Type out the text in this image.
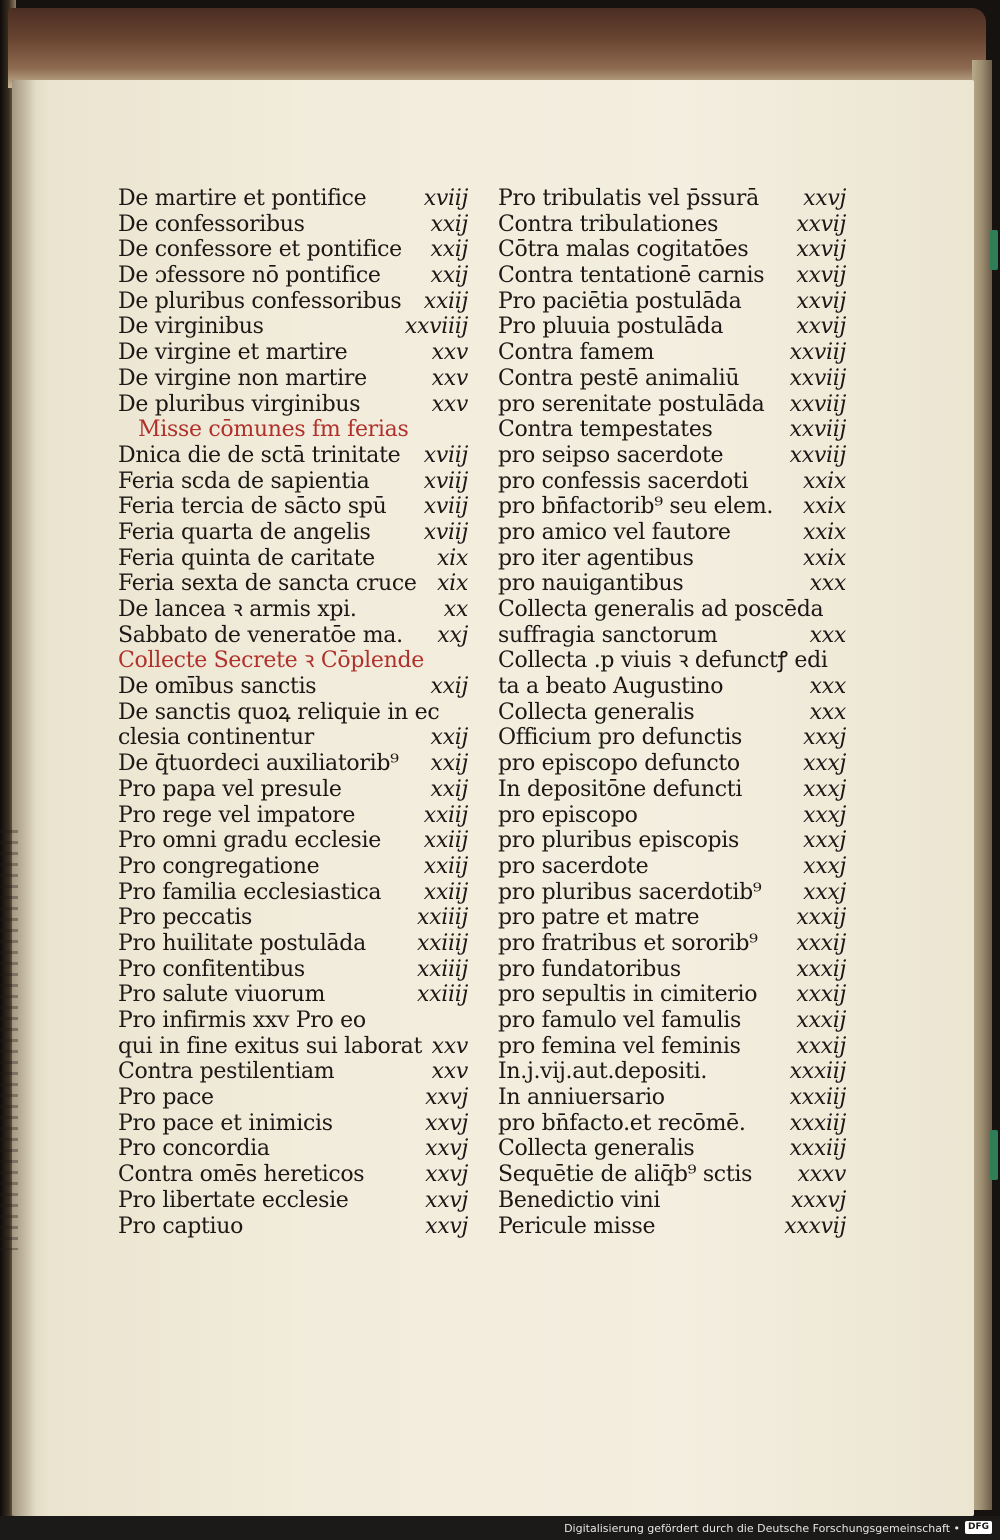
De martire et pontifice	xviij
De confessoribus	xxij
De confessore et pontifice xxij
De ɔfessore nō pontifice xxij
De pluribus confessoribus xxiij
De virginibus	xxviiij
De virgine et martire	xxv
De virgine non martire	xxv
De pluribus virginibus	xxv
Misse cōmunes fm ferias
Dnica die de sctā trinitate xviij
Feria scda de sapientia xviij
Feria tercia de sācto spū xviij
Feria quarta de angelis xviij
Feria quinta de caritate	xix
Feria sexta de sancta cruce xix
De lancea ꝛ armis xpi.	xx
Sabbato de veneratōe ma. xxj
Collecte Secrete ꝛ Cōplende
De omībus sanctis	xxij
De sanctis quoꝝ reliquie in ec
clesia continentur	xxij
De q̄tuordeci auxiliatorib⁹ xxij
Pro papa vel presule	xxij
Pro rege vel impatore	xxiij
Pro omni gradu ecclesie xxiij
Pro congregatione	xxiij
Pro familia ecclesiastica xxiij
Pro peccatis	xxiiij
Pro huilitate postulāda xxiiij
Pro confitentibus	xxiiij
Pro salute viuorum	xxiiij
Pro infirmis xxv Pro eo
qui in fine exitus sui laborat xxv
Contra pestilentiam	xxv
Pro pace	xxvj
Pro pace et inimicis	xxvj
Pro concordia	xxvj
Contra omēs hereticos	xxvj
Pro libertate ecclesie	xxvj
Pro captiuo	xxvj
Pro tribulatis vel p̄ssurā xxvj
Contra tribulationes	xxvij
Cōtra malas cogitatōes xxvij
Contra tentationē carnis xxvij
Pro paciētia postulāda xxvij
Pro pluuia postulāda	xxvij
Contra famem	xxviij
Contra pestē animaliū xxviij
pro serenitate postulāda xxviij
Contra tempestates	xxviij
pro seipso sacerdote	xxviij
pro confessis sacerdoti xxix
pro bn̄factorib⁹ seu elem. xxix
pro amico vel fautore	xxix
pro iter agentibus	xxix
pro nauigantibus	xxx
Collecta generalis ad poscēda
suffragia sanctorum	xxx
Collecta .p viuis ꝛ defunctꝭ edi
ta a beato Augustino	xxx
Collecta generalis	xxx
Officium pro defunctis	xxxj
pro episcopo defuncto	xxxj
In depositōne defuncti	xxxj
pro episcopo	xxxj
pro pluribus episcopis	xxxj
pro sacerdote	xxxj
pro pluribus sacerdotib⁹ xxxj
pro patre et matre	xxxij
pro fratribus et sororib⁹ xxxij
pro fundatoribus	xxxij
pro sepultis in cimiterio xxxij
pro famulo vel famulis	xxxij
pro femina vel feminis	xxxij
In.j.vij.aut.depositi.	xxxiij
In anniuersario	xxxiij
pro bn̄facto.et recōmē. xxxiij
Collecta generalis	xxxiij
Sequētie de aliq̄b⁹ sctis xxxv
Benedictio vini	xxxvj
Pericule misse	xxxvij
Digitalisierung gefördert durch die Deutsche Forschungsgemeinschaft • DFG
